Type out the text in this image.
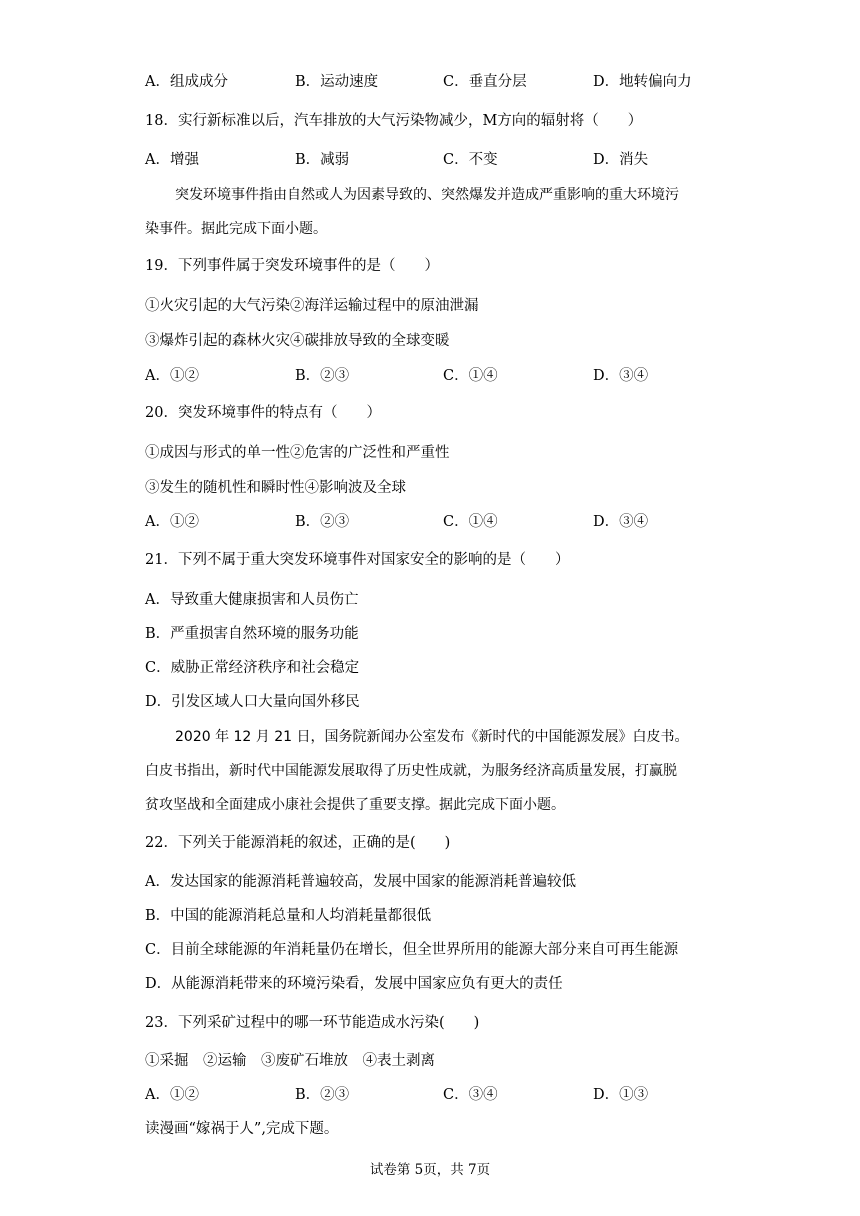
A．组成成分	B．运动速度	C．垂直分层	D．地转偏向力
18．实行新标准以后，汽车排放的大气污染物减少，M方向的辐射将（　　）
A．增强	B．减弱	C．不变	D．消失
突发环境事件指由自然或人为因素导致的、突然爆发并造成严重影响的重大环境污
染事件。据此完成下面小题。
19．下列事件属于突发环境事件的是（　　）
①火灾引起的大气污染②海洋运输过程中的原油泄漏
③爆炸引起的森林火灾④碳排放导致的全球变暖
A．①②	B．②③	C．①④	D．③④
20．突发环境事件的特点有（　　）
①成因与形式的单一性②危害的广泛性和严重性
③发生的随机性和瞬时性④影响波及全球
A．①②	B．②③	C．①④	D．③④
21．下列不属于重大突发环境事件对国家安全的影响的是（　　）
A．导致重大健康损害和人员伤亡
B．严重损害自然环境的服务功能
C．威胁正常经济秩序和社会稳定
D．引发区域人口大量向国外移民
2020 年 12 月 21 日，国务院新闻办公室发布《新时代的中国能源发展》白皮书。
白皮书指出，新时代中国能源发展取得了历史性成就，为服务经济高质量发展，打赢脱
贫攻坚战和全面建成小康社会提供了重要支撑。据此完成下面小题。
22．下列关于能源消耗的叙述，正确的是(　　)
A．发达国家的能源消耗普遍较高，发展中国家的能源消耗普遍较低
B．中国的能源消耗总量和人均消耗量都很低
C．目前全球能源的年消耗量仍在增长，但全世界所用的能源大部分来自可再生能源
D．从能源消耗带来的环境污染看，发展中国家应负有更大的责任
23．下列采矿过程中的哪一环节能造成水污染(　　)
①采掘　②运输　③废矿石堆放　④表土剥离
A．①②	B．②③	C．③④	D．①③
读漫画“嫁祸于人”,完成下题。
试卷第 5页，共 7页
